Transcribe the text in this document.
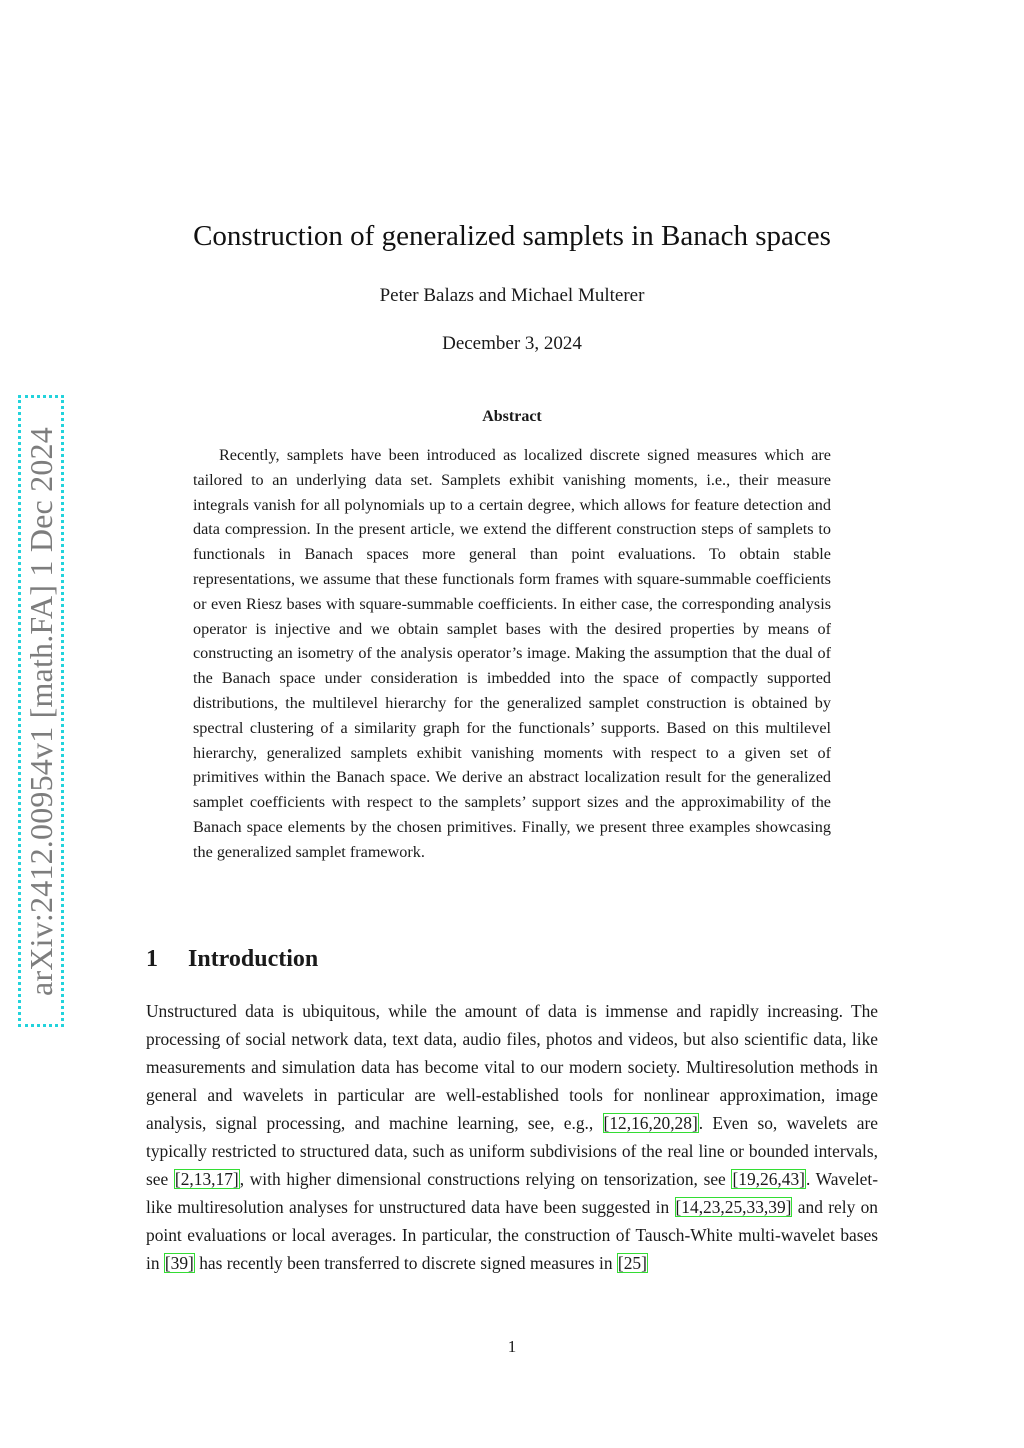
arXiv:2412.00954v1 [math.FA] 1 Dec 2024
Construction of generalized samplets in Banach spaces
Peter Balazs and Michael Multerer
December 3, 2024
Abstract

Recently, samplets have been introduced as localized discrete signed measures which are tailored to an underlying data set. Samplets exhibit vanishing moments, i.e., their measure integrals vanish for all polynomials up to a certain degree, which allows for feature detection and data compression. In the present article, we extend the different construction steps of samplets to functionals in Banach spaces more general than point evaluations. To obtain stable representations, we assume that these functionals form frames with square-summable coefficients or even Riesz bases with square-summable coefficients. In either case, the corresponding analysis operator is injective and we obtain samplet bases with the desired properties by means of constructing an isometry of the analysis operator’s image. Making the assumption that the dual of the Banach space under consideration is imbedded into the space of compactly supported distributions, the multilevel hierarchy for the generalized samplet construction is obtained by spectral clustering of a similarity graph for the functionals’ supports. Based on this multilevel hierarchy, generalized samplets exhibit vanishing moments with respect to a given set of primitives within the Banach space. We derive an abstract localization result for the generalized samplet coefficients with respect to the samplets’ support sizes and the approximability of the Banach space elements by the chosen primitives. Finally, we present three examples showcasing the generalized samplet framework.

1 Introduction

Unstructured data is ubiquitous, while the amount of data is immense and rapidly increasing. The processing of social network data, text data, audio files, photos and videos, but also scientific data, like measurements and simulation data has become vital to our modern society. Multiresolution methods in general and wavelets in particular are well-established tools for nonlinear approximation, image analysis, signal processing, and machine learning, see, e.g., [12,16,20,28]. Even so, wavelets are typically restricted to structured data, such as uniform subdivisions of the real line or bounded intervals, see [2,13,17], with higher dimensional constructions relying on tensorization, see [19,26,43]. Wavelet-like multiresolution analyses for unstructured data have been suggested in [14,23,25,33,39] and rely on point evaluations or local averages. In particular, the construction of Tausch-White multi-wavelet bases in [39] has recently been transferred to discrete signed measures in [25]

1
